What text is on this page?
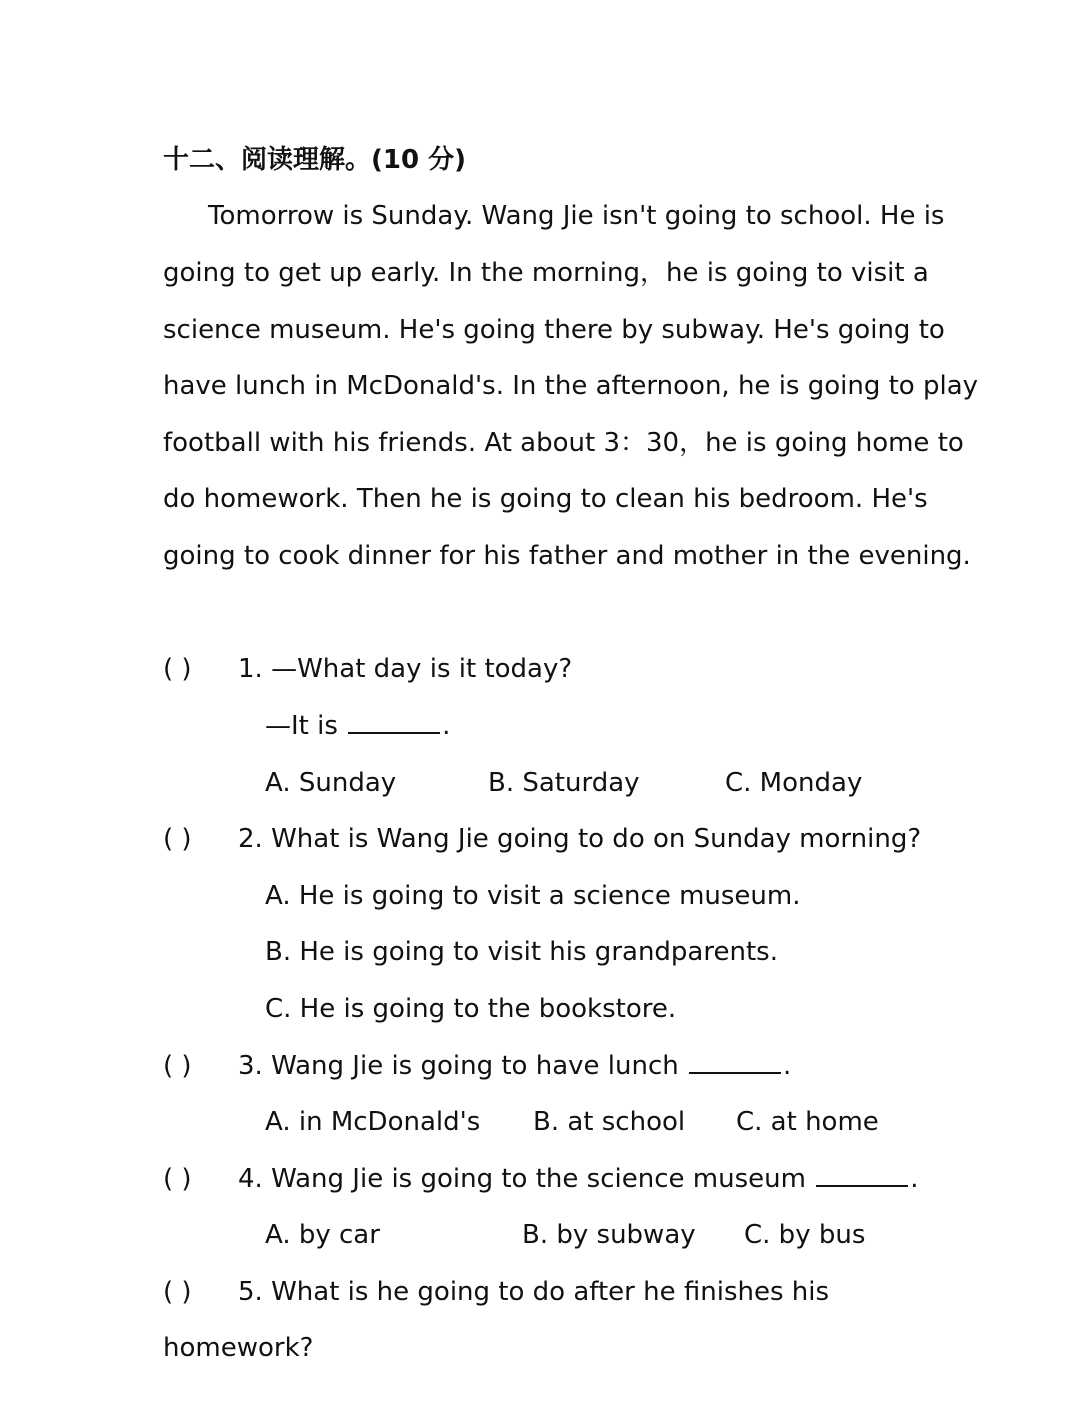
十二、阅读理解。(10 分)
Tomorrow is Sunday. Wang Jie isn't going to school. He is
going to get up early. In the morning，he is going to visit a
science museum. He's going there by subway. He's going to
have lunch in McDonald's. In the afternoon, he is going to play
football with his friends. At about 3：30，he is going home to
do homework. Then he is going to clean his bedroom. He's
going to cook dinner for his father and mother in the evening.
( ) 1. —What day is it today?
—It is	.
A. Sunday	B. Saturday	C. Monday
( ) 2. What is Wang Jie going to do on Sunday morning?
A. He is going to visit a science museum.
B. He is going to visit his grandparents.
C. He is going to the bookstore.
( ) 3. Wang Jie is going to have lunch	.
A. in McDonald's B. at school C. at home
( ) 4. Wang Jie is going to the science museum	.
A. by car	B. by subway C. by bus
( ) 5. What is he going to do after he finishes his
homework?
